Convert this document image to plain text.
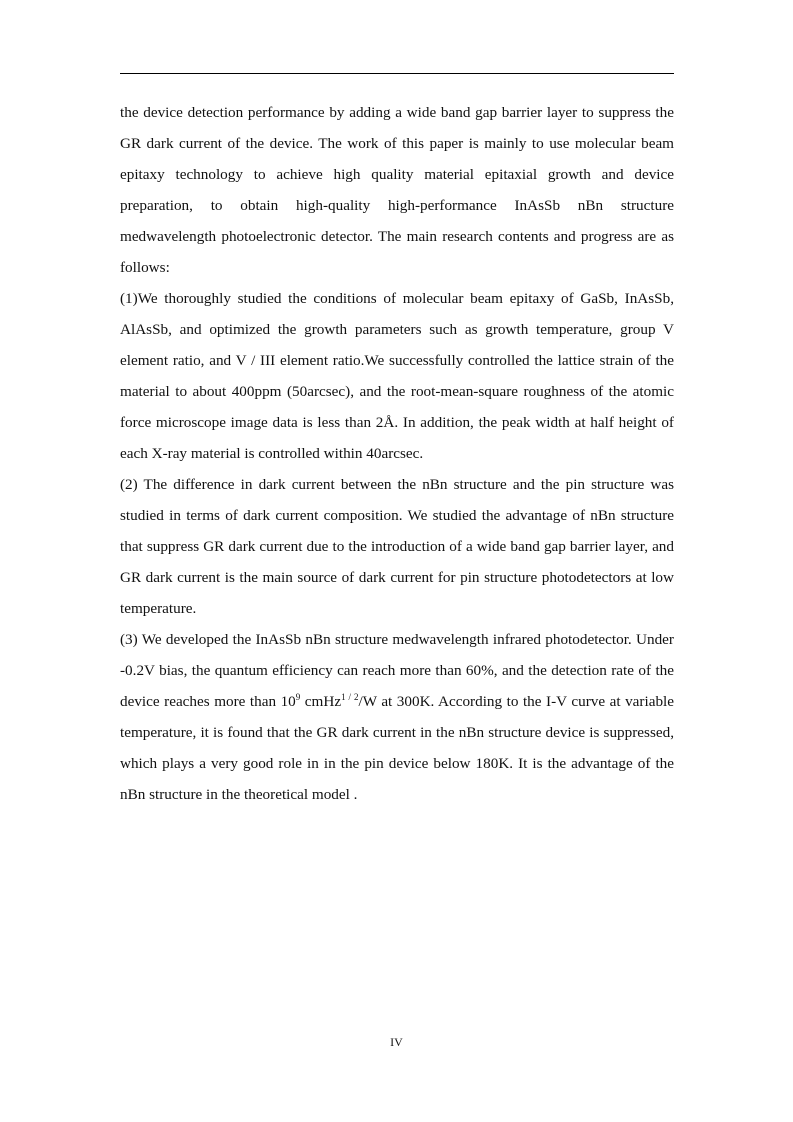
the device detection performance by adding a wide band gap barrier layer to suppress the GR dark current of the device. The work of this paper is mainly to use molecular beam epitaxy technology to achieve high quality material epitaxial growth and device preparation, to obtain high-quality high-performance InAsSb nBn structure medwavelength photoelectronic detector. The main research contents and progress are as follows:

(1)We thoroughly studied the conditions of molecular beam epitaxy of GaSb, InAsSb, AlAsSb, and optimized the growth parameters such as growth temperature, group V element ratio, and V / III element ratio.We successfully controlled the lattice strain of the material to about 400ppm (50arcsec), and the root-mean-square roughness of the atomic force microscope image data is less than 2Å. In addition, the peak width at half height of each X-ray material is controlled within 40arcsec.

(2) The difference in dark current between the nBn structure and the pin structure was studied in terms of dark current composition. We studied the advantage of nBn structure that suppress GR dark current due to the introduction of a wide band gap barrier layer, and GR dark current is the main source of dark current for pin structure photodetectors at low temperature.

(3) We developed the InAsSb nBn structure medwavelength infrared photodetector. Under -0.2V bias, the quantum efficiency can reach more than 60%, and the detection rate of the device reaches more than $10^9$ cmHz$^{1 / 2}$/W at 300K. According to the I-V curve at variable temperature, it is found that the GR dark current in the nBn structure device is suppressed, which plays a very good role in in the pin device below 180K. It is the advantage of the nBn structure in the theoretical model .

IV
